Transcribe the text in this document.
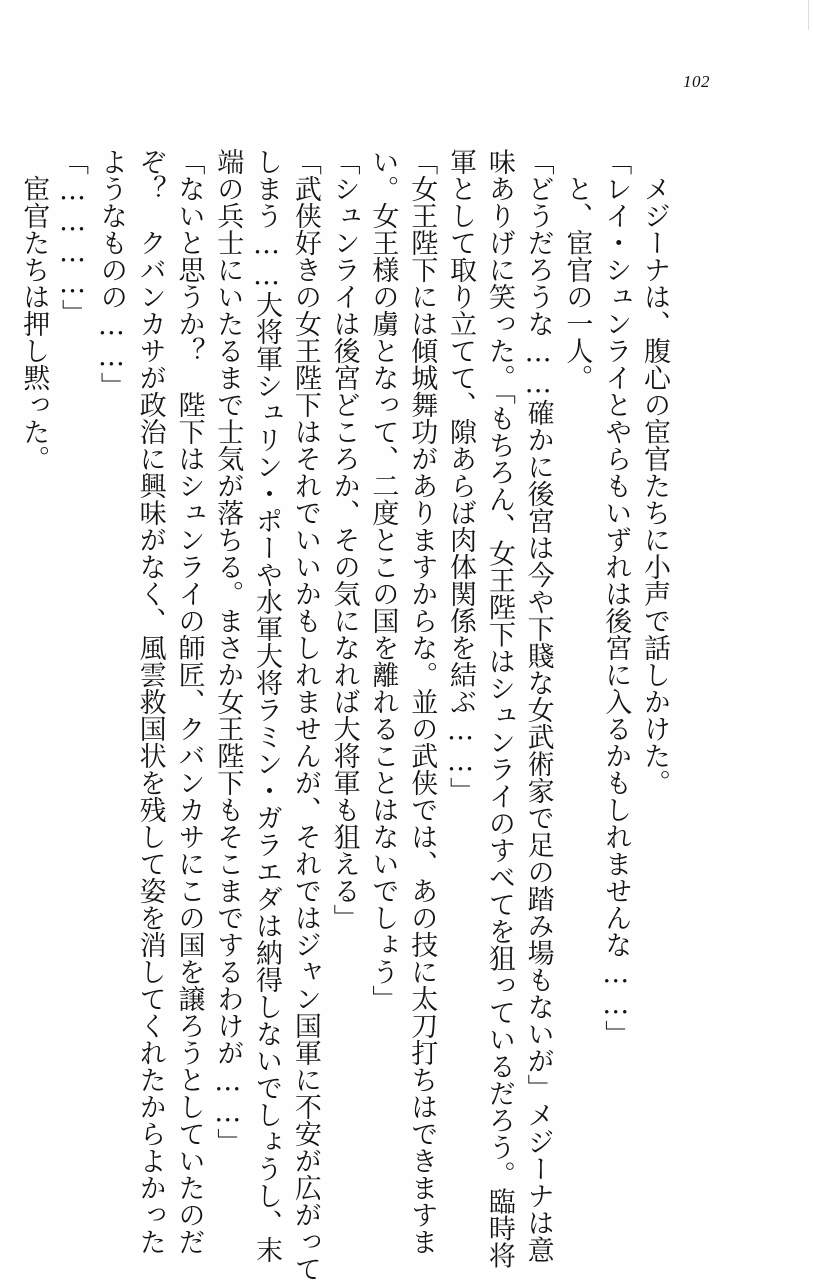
102
メジーナは、腹心の宦官たちに小声で話しかけた。
「レイ・シュンライとやらもいずれは後宮に入るかもしれませんな……」
と、宦官の一人。
「どうだろうな……確かに後宮は今や下賤な女武術家で足の踏み場もないが」メジーナは意
味ありげに笑った。「もちろん、女王陛下はシュンライのすべてを狙っているだろう。臨時将
軍として取り立てて、隙あらば肉体関係を結ぶ……」
「女王陛下には傾城舞功がありますからな。並の武侠では、あの技に太刀打ちはできますま
い。女王様の虜となって、二度とこの国を離れることはないでしょう」
「シュンライは後宮どころか、その気になれば大将軍も狙える」
「武侠好きの女王陛下はそれでいいかもしれませんが、それではジャン国軍に不安が広がって
しまう……大将軍シュリン・ポーや水軍大将ラミン・ガラエダは納得しないでしょうし、末
端の兵士にいたるまで士気が落ちる。まさか女王陛下もそこまでするわけが……」
「ないと思うか？　陛下はシュンライの師匠、クバンカサにこの国を譲ろうとしていたのだ
ぞ？　クバンカサが政治に興味がなく、風雲救国状を残して姿を消してくれたからよかった
ようなものの……」
「…………」
宦官たちは押し黙った。
